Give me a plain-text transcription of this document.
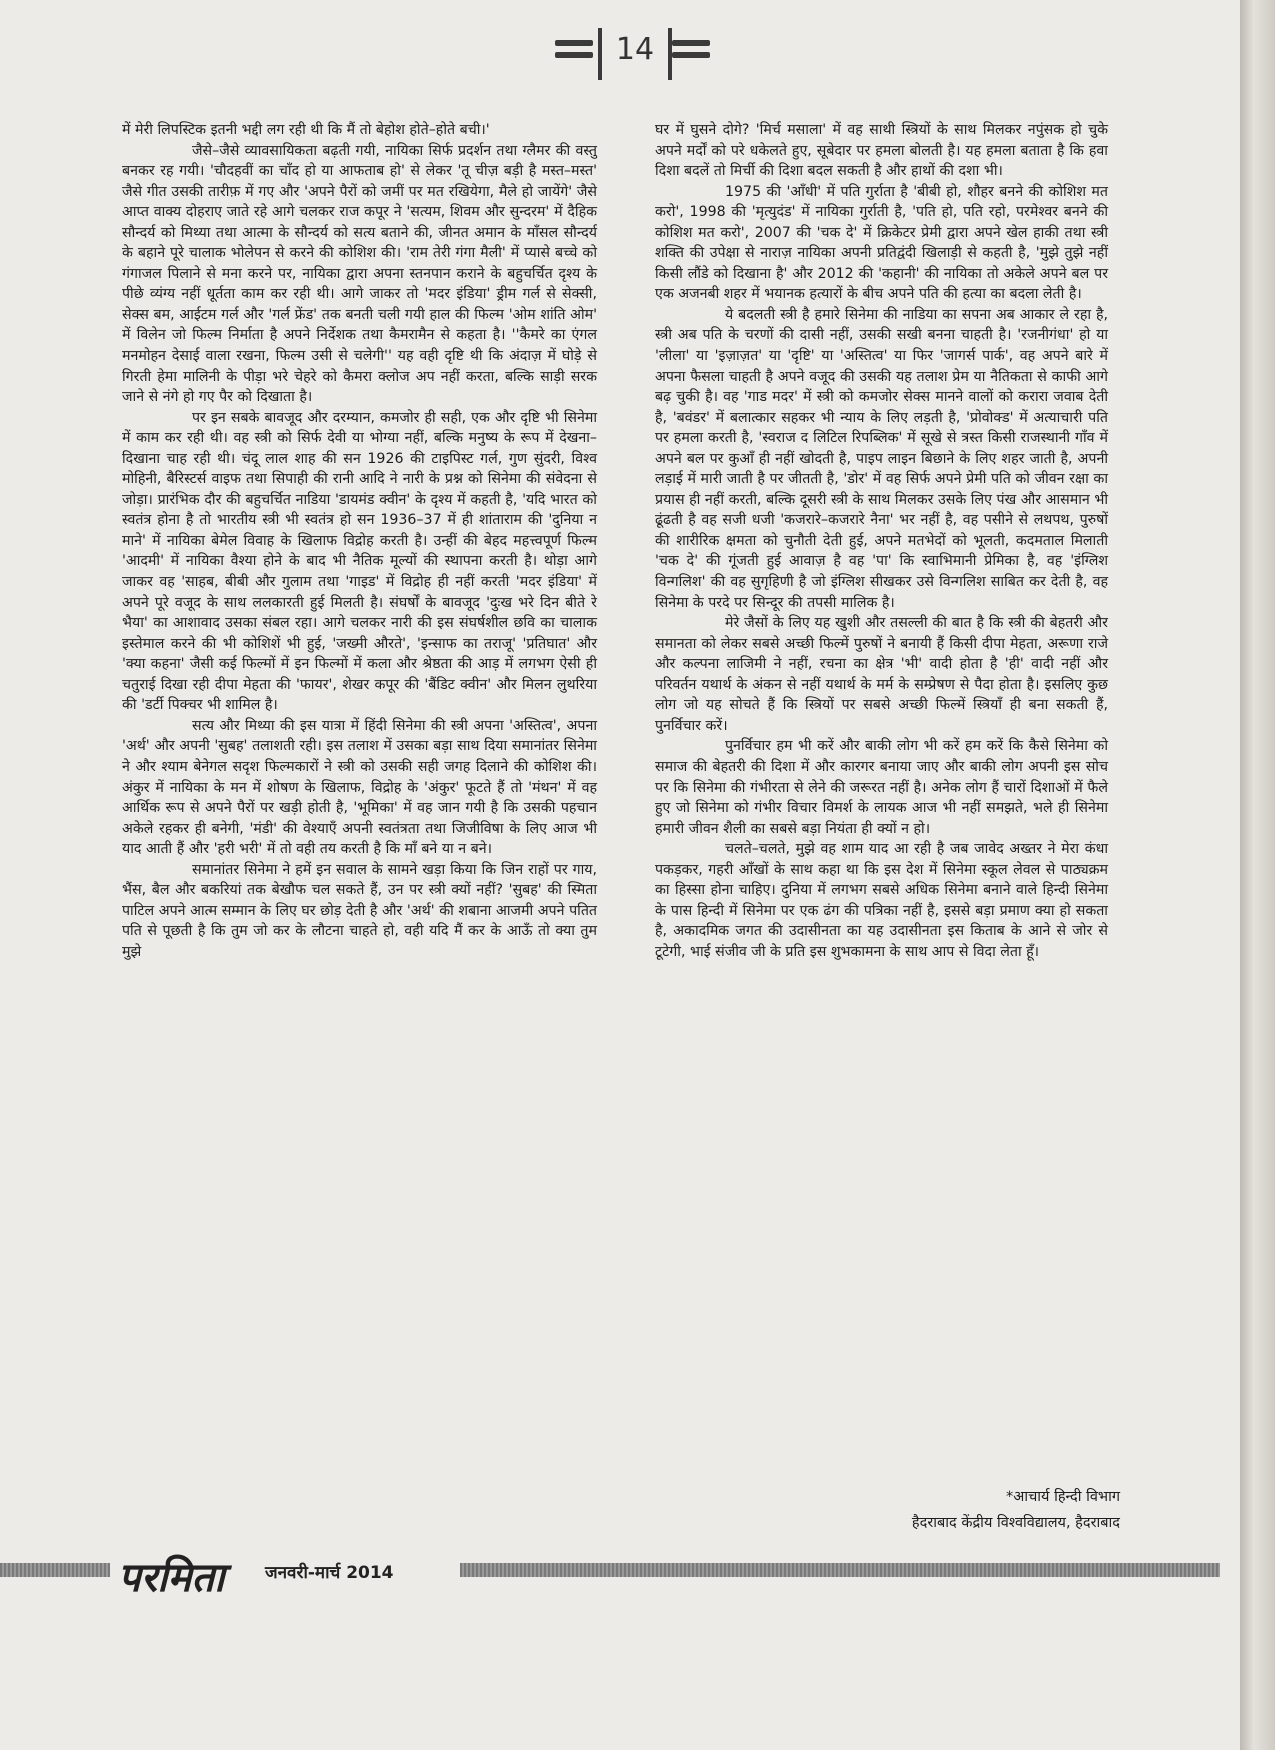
14

में मेरी लिपस्टिक इतनी भद्दी लग रही थी कि मैं तो बेहोश होते–होते बची।'

जैसे–जैसे व्यावसायिकता बढ़ती गयी, नायिका सिर्फ प्रदर्शन तथा ग्लैमर की वस्तु बनकर रह गयी। 'चौदहवीं का चाँद हो या आफताब हो' से लेकर 'तू चीज़ बड़ी है मस्त–मस्त' जैसे गीत उसकी तारीफ़ में गए और 'अपने पैरों को जमीं पर मत रखियेगा, मैले हो जायेंगे' जैसे आप्त वाक्य दोहराए जाते रहे आगे चलकर राज कपूर ने 'सत्यम, शिवम और सुन्दरम' में दैहिक सौन्दर्य को मिथ्या तथा आत्मा के सौन्दर्य को सत्य बताने की, जीनत अमान के माँसल सौन्दर्य के बहाने पूरे चालाक भोलेपन से करने की कोशिश की। 'राम तेरी गंगा मैली' में प्यासे बच्चे को गंगाजल पिलाने से मना करने पर, नायिका द्वारा अपना स्तनपान कराने के बहुचर्चित दृश्य के पीछे व्यंग्य नहीं धूर्तता काम कर रही थी। आगे जाकर तो 'मदर इंडिया' ड्रीम गर्ल से सेक्सी, सेक्स बम, आईटम गर्ल और 'गर्ल फ्रेंड' तक बनती चली गयी हाल की फिल्म 'ओम शांति ओम' में विलेन जो फिल्म निर्माता है अपने निर्देशक तथा कैमरामैन से कहता है। ''कैमरे का एंगल मनमोहन देसाई वाला रखना, फिल्म उसी से चलेगी'' यह वही दृष्टि थी कि अंदाज़ में घोड़े से गिरती हेमा मालिनी के पीड़ा भरे चेहरे को कैमरा क्लोज अप नहीं करता, बल्कि साड़ी सरक जाने से नंगे हो गए पैर को दिखाता है।

पर इन सबके बावजूद और दरम्यान, कमजोर ही सही, एक और दृष्टि भी सिनेमा में काम कर रही थी। वह स्त्री को सिर्फ देवी या भोग्या नहीं, बल्कि मनुष्य के रूप में देखना–दिखाना चाह रही थी। चंदू लाल शाह की सन 1926 की टाइपिस्ट गर्ल, गुण सुंदरी, विश्व मोहिनी, बैरिस्टर्स वाइफ तथा सिपाही की रानी आदि ने नारी के प्रश्न को सिनेमा की संवेदना से जोड़ा। प्रारंभिक दौर की बहुचर्चित नाडिया 'डायमंड क्वीन' के दृश्य में कहती है, 'यदि भारत को स्वतंत्र होना है तो भारतीय स्त्री भी स्वतंत्र हो सन 1936–37 में ही शांताराम की 'दुनिया न माने' में नायिका बेमेल विवाह के खिलाफ विद्रोह करती है। उन्हीं की बेहद महत्त्वपूर्ण फिल्म 'आदमी' में नायिका वैश्या होने के बाद भी नैतिक मूल्यों की स्थापना करती है। थोड़ा आगे जाकर वह 'साहब, बीबी और गुलाम तथा 'गाइड' में विद्रोह ही नहीं करती 'मदर इंडिया' में अपने पूरे वजूद के साथ ललकारती हुई मिलती है। संघर्षों के बावजूद 'दुःख भरे दिन बीते रे भैया' का आशावाद उसका संबल रहा। आगे चलकर नारी की इस संघर्षशील छवि का चालाक इस्तेमाल करने की भी कोशिशें भी हुई, 'जख्मी औरते', 'इन्साफ का तराजू' 'प्रतिघात' और 'क्या कहना' जैसी कई फिल्मों में इन फिल्मों में कला और श्रेष्ठता की आड़ में लगभग ऐसी ही चतुराई दिखा रही दीपा मेहता की 'फायर', शेखर कपूर की 'बैंडिट क्वीन' और मिलन लुथरिया की 'डर्टी पिक्चर भी शामिल है।

सत्य और मिथ्या की इस यात्रा में हिंदी सिनेमा की स्त्री अपना 'अस्तित्व', अपना 'अर्थ' और अपनी 'सुबह' तलाशती रही। इस तलाश में उसका बड़ा साथ दिया समानांतर सिनेमा ने और श्याम बेनेगल सदृश फिल्मकारों ने स्त्री को उसकी सही जगह दिलाने की कोशिश की। अंकुर में नायिका के मन में शोषण के खिलाफ, विद्रोह के 'अंकुर' फूटते हैं तो 'मंथन' में वह आर्थिक रूप से अपने पैरों पर खड़ी होती है, 'भूमिका' में वह जान गयी है कि उसकी पहचान अकेले रहकर ही बनेगी, 'मंडी' की वेश्याएँ अपनी स्वतंत्रता तथा जिजीविषा के लिए आज भी याद आती हैं और 'हरी भरी' में तो वही तय करती है कि माँ बने या न बने।

समानांतर सिनेमा ने हमें इन सवाल के सामने खड़ा किया कि जिन राहों पर गाय, भैंस, बैल और बकरियां तक बेखौफ चल सकते हैं, उन पर स्त्री क्यों नहीं? 'सुबह' की स्मिता पाटिल अपने आत्म सम्मान के लिए घर छोड़ देती है और 'अर्थ' की शबाना आजमी अपने पतित पति से पूछती है कि तुम जो कर के लौटना चाहते हो, वही यदि मैं कर के आऊँ तो क्या तुम मुझे

घर में घुसने दोगे? 'मिर्च मसाला' में वह साथी स्त्रियों के साथ मिलकर नपुंसक हो चुके अपने मर्दों को परे धकेलते हुए, सूबेदार पर हमला बोलती है। यह हमला बताता है कि हवा दिशा बदलें तो मिर्ची की दिशा बदल सकती है और हाथों की दशा भी।

1975 की 'आँधी' में पति गुर्राता है 'बीबी हो, शौहर बनने की कोशिश मत करो', 1998 की 'मृत्युदंड' में नायिका गुर्राती है, 'पति हो, पति रहो, परमेश्वर बनने की कोशिश मत करो', 2007 की 'चक दे' में क्रिकेटर प्रेमी द्वारा अपने खेल हाकी तथा स्त्री शक्ति की उपेक्षा से नाराज़ नायिका अपनी प्रतिद्वंदी खिलाड़ी से कहती है, 'मुझे तुझे नहीं किसी लौंडे को दिखाना है' और 2012 की 'कहानी' की नायिका तो अकेले अपने बल पर एक अजनबी शहर में भयानक हत्यारों के बीच अपने पति की हत्या का बदला लेती है।

ये बदलती स्त्री है हमारे सिनेमा की नाडिया का सपना अब आकार ले रहा है, स्त्री अब पति के चरणों की दासी नहीं, उसकी सखी बनना चाहती है। 'रजनीगंधा' हो या 'लीला' या 'इज़ाज़त' या 'दृष्टि' या 'अस्तित्व' या फिर 'जागर्स पार्क', वह अपने बारे में अपना फैसला चाहती है अपने वजूद की उसकी यह तलाश प्रेम या नैतिकता से काफी आगे बढ़ चुकी है। वह 'गाड मदर' में स्त्री को कमजोर सेक्स मानने वालों को करारा जवाब देती है, 'बवंडर' में बलात्कार सहकर भी न्याय के लिए लड़ती है, 'प्रोवोक्ड' में अत्याचारी पति पर हमला करती है, 'स्वराज द लिटिल रिपब्लिक' में सूखे से त्रस्त किसी राजस्थानी गाँव में अपने बल पर कुआँ ही नहीं खोदती है, पाइप लाइन बिछाने के लिए शहर जाती है, अपनी लड़ाई में मारी जाती है पर जीतती है, 'डोर' में वह सिर्फ अपने प्रेमी पति को जीवन रक्षा का प्रयास ही नहीं करती, बल्कि दूसरी स्त्री के साथ मिलकर उसके लिए पंख और आसमान भी ढूंढती है वह सजी धजी 'कजरारे–कजरारे नैना' भर नहीं है, वह पसीने से लथपथ, पुरुषों की शारीरिक क्षमता को चुनौती देती हुई, अपने मतभेदों को भूलती, कदमताल मिलाती 'चक दे' की गूंजती हुई आवाज़ है वह 'पा' कि स्वाभिमानी प्रेमिका है, वह 'इंग्लिश विन्गलिश' की वह सुगृहिणी है जो इंग्लिश सीखकर उसे विन्गलिश साबित कर देती है, वह सिनेमा के परदे पर सिन्दूर की तपसी मालिक है।

मेरे जैसों के लिए यह खुशी और तसल्ली की बात है कि स्त्री की बेहतरी और समानता को लेकर सबसे अच्छी फिल्में पुरुषों ने बनायी हैं किसी दीपा मेहता, अरूणा राजे और कल्पना लाजिमी ने नहीं, रचना का क्षेत्र 'भी' वादी होता है 'ही' वादी नहीं और परिवर्तन यथार्थ के अंकन से नहीं यथार्थ के मर्म के सम्प्रेषण से पैदा होता है। इसलिए कुछ लोग जो यह सोचते हैं कि स्त्रियों पर सबसे अच्छी फिल्में स्त्रियाँ ही बना सकती हैं, पुनर्विचार करें।

पुनर्विचार हम भी करें और बाकी लोग भी करें हम करें कि कैसे सिनेमा को समाज की बेहतरी की दिशा में और कारगर बनाया जाए और बाकी लोग अपनी इस सोच पर कि सिनेमा की गंभीरता से लेने की जरूरत नहीं है। अनेक लोग हैं चारों दिशाओं में फैले हुए जो सिनेमा को गंभीर विचार विमर्श के लायक आज भी नहीं समझते, भले ही सिनेमा हमारी जीवन शैली का सबसे बड़ा नियंता ही क्यों न हो।

चलते–चलते, मुझे वह शाम याद आ रही है जब जावेद अख्तर ने मेरा कंधा पकड़कर, गहरी आँखों के साथ कहा था कि इस देश में सिनेमा स्कूल लेवल से पाठ्यक्रम का हिस्सा होना चाहिए। दुनिया में लगभग सबसे अधिक सिनेमा बनाने वाले हिन्दी सिनेमा के पास हिन्दी में सिनेमा पर एक ढंग की पत्रिका नहीं है, इससे बड़ा प्रमाण क्या हो सकता है, अकादमिक जगत की उदासीनता का यह उदासीनता इस किताब के आने से जोर से टूटेगी, भाई संजीव जी के प्रति इस शुभकामना के साथ आप से विदा लेता हूँ।

*आचार्य हिन्दी विभाग
हैदराबाद केंद्रीय विश्वविद्यालय, हैदराबाद
परमिता जनवरी-मार्च 2014
